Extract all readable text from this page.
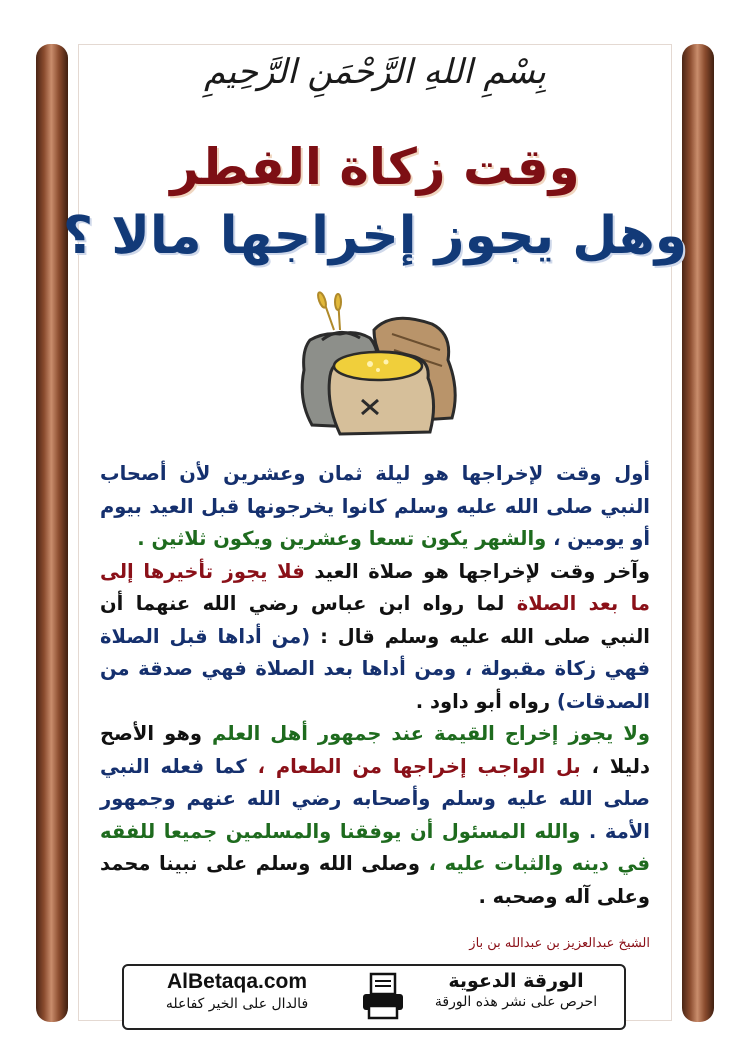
بِسْمِ اللهِ الرَّحْمَنِ الرَّحِيمِ
وقت زكاة الفطر
وهل يجوز إخراجها مالا ؟
أول وقت لإخراجها هو ليلة ثمان وعشرين لأن أصحاب النبي صلى الله عليه وسلم كانوا يخرجونها قبل العيد بيوم أو يومين ، والشهر يكون تسعا وعشرين ويكون ثلاثين .
وآخر وقت لإخراجها هو صلاة العيد فلا يجوز تأخيرها إلى ما بعد الصلاة لما رواه ابن عباس رضي الله عنهما أن النبي صلى الله عليه وسلم قال : (من أداها قبل الصلاة فهي زكاة مقبولة ، ومن أداها بعد الصلاة فهي صدقة من الصدقات) رواه أبو داود .
ولا يجوز إخراج القيمة عند جمهور أهل العلم وهو الأصح دليلا ، بل الواجب إخراجها من الطعام ، كما فعله النبي صلى الله عليه وسلم وأصحابه رضي الله عنهم وجمهور الأمة . والله المسئول أن يوفقنا والمسلمين جميعا للفقه في دينه والثبات عليه ، وصلى الله وسلم على نبينا محمد وعلى آله وصحبه .
الشيخ عبدالعزيز بن عبدالله بن باز
الورقة الدعوية
احرص على نشر هذه الورقة
AlBetaqa.com
فالدال على الخير كفاعله
